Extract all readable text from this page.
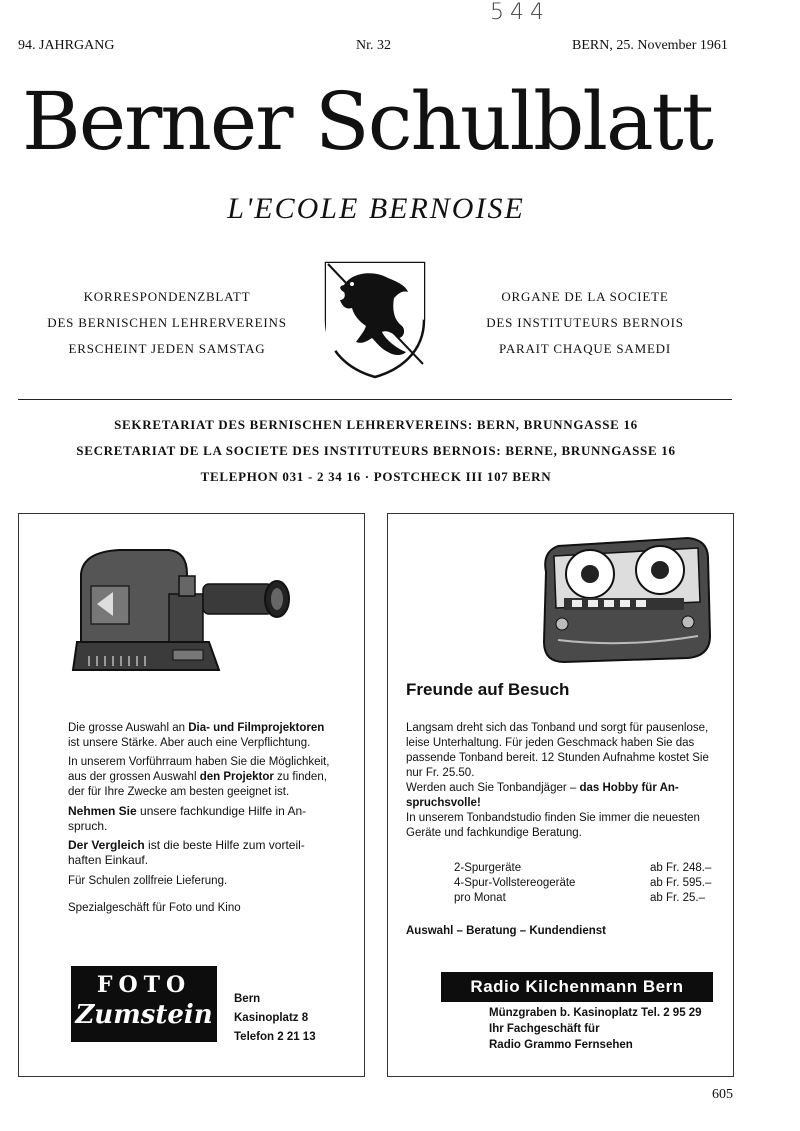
544
94. JAHRGANG	Nr. 32	BERN, 25. November 1961
Berner Schulblatt
L'ECOLE BERNOISE
KORRESPONDENZBLATT
DES BERNISCHEN LEHRERVEREINS
ERSCHEINT JEDEN SAMSTAG
ORGANE DE LA SOCIETE
DES INSTITUTEURS BERNOIS
PARAIT CHAQUE SAMEDI
SEKRETARIAT DES BERNISCHEN LEHRERVEREINS: BERN, BRUNNGASSE 16
SECRETARIAT DE LA SOCIETE DES INSTITUTEURS BERNOIS: BERNE, BRUNNGASSE 16
TELEPHON 031 - 2 34 16 · POSTCHECK III 107 BERN

Die grosse Auswahl an Dia- und Filmprojektoren ist unsere Stärke. Aber auch eine Verpflichtung.

In unserem Vorführraum haben Sie die Möglichkeit, aus der grossen Auswahl den Projektor zu finden, der für Ihre Zwecke am besten geeignet ist.

Nehmen Sie unsere fachkundige Hilfe in Anspruch.

Der Vergleich ist die beste Hilfe zum vorteilhaften Einkauf.

Für Schulen zollfreie Lieferung.

Spezialgeschäft für Foto und Kino

FOTO
Zumstein
Bern
Kasinoplatz 8
Telefon 2 21 13
Freunde auf Besuch

Langsam dreht sich das Tonband und sorgt für pausenlose, leise Unterhaltung. Für jeden Geschmack haben Sie das passende Tonband bereit. 12 Stunden Aufnahme kostet Sie nur Fr. 25.50.

Werden auch Sie Tonbandjäger – das Hobby für Anspruchsvolle!

In unserem Tonbandstudio finden Sie immer die neuesten Geräte und fachkundige Beratung.

2-Spurgeräte	ab Fr. 248.–
4-Spur-Vollstereogeräte	ab Fr. 595.–
pro Monat	ab Fr. 25.–
Auswahl – Beratung – Kundendienst
Radio Kilchenmann Bern
Münzgraben b. Kasinoplatz Tel. 2 95 29
Ihr Fachgeschäft für
Radio Grammo Fernsehen
605
